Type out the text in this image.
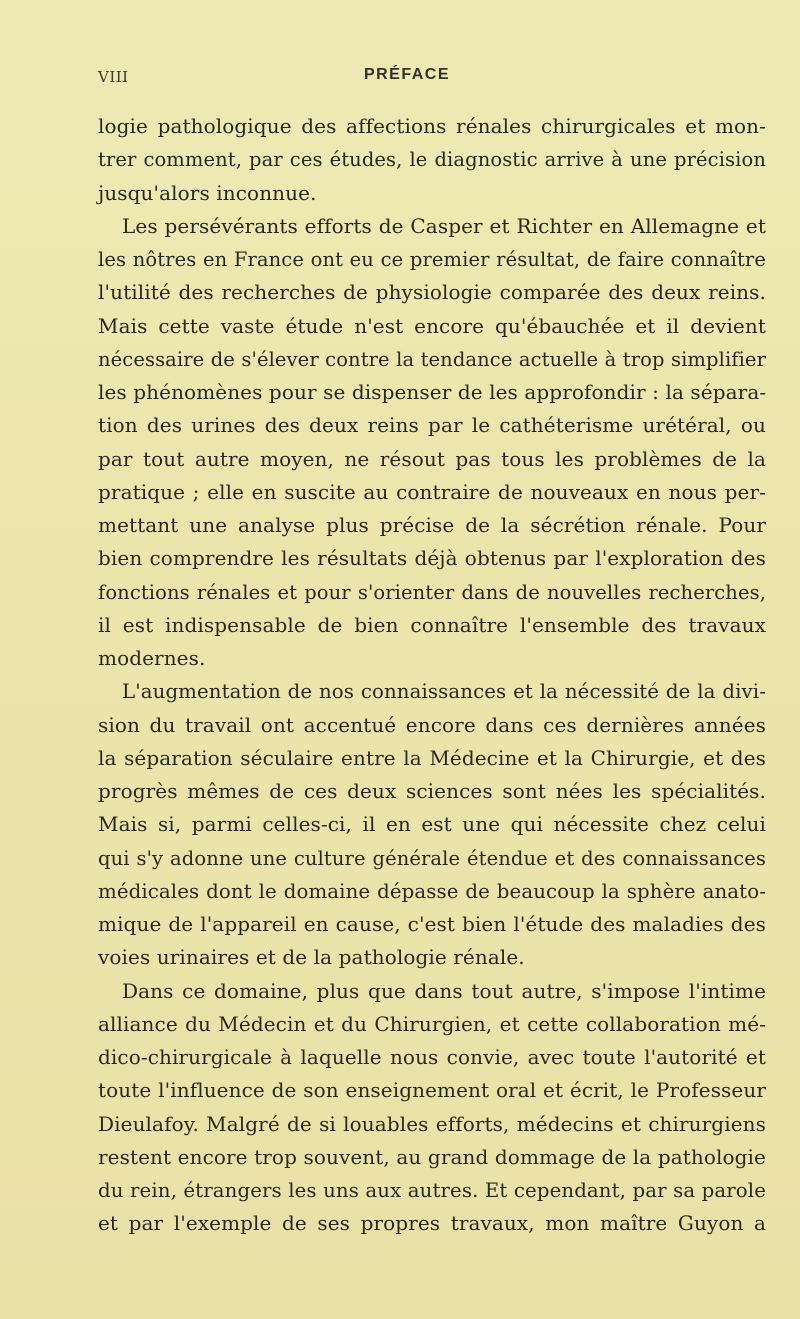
VIII	PRÉFACE
logie pathologique des affections rénales chirurgicales et mon-
trer comment, par ces études, le diagnostic arrive à une précision
jusqu'alors inconnue.
Les persévérants efforts de Casper et Richter en Allemagne et
les nôtres en France ont eu ce premier résultat, de faire connaître
l'utilité des recherches de physiologie comparée des deux reins.
Mais cette vaste étude n'est encore qu'ébauchée et il devient
nécessaire de s'élever contre la tendance actuelle à trop simplifier
les phénomènes pour se dispenser de les approfondir : la sépara-
tion des urines des deux reins par le cathéterisme urétéral, ou
par tout autre moyen, ne résout pas tous les problèmes de la
pratique ; elle en suscite au contraire de nouveaux en nous per-
mettant une analyse plus précise de la sécrétion rénale. Pour
bien comprendre les résultats déjà obtenus par l'exploration des
fonctions rénales et pour s'orienter dans de nouvelles recherches,
il est indispensable de bien connaître l'ensemble des travaux
modernes.
L'augmentation de nos connaissances et la nécessité de la divi-
sion du travail ont accentué encore dans ces dernières années
la séparation séculaire entre la Médecine et la Chirurgie, et des
progrès mêmes de ces deux sciences sont nées les spécialités.
Mais si, parmi celles-ci, il en est une qui nécessite chez celui
qui s'y adonne une culture générale étendue et des connaissances
médicales dont le domaine dépasse de beaucoup la sphère anato-
mique de l'appareil en cause, c'est bien l'étude des maladies des
voies urinaires et de la pathologie rénale.
Dans ce domaine, plus que dans tout autre, s'impose l'intime
alliance du Médecin et du Chirurgien, et cette collaboration mé-
dico-chirurgicale à laquelle nous convie, avec toute l'autorité et
toute l'influence de son enseignement oral et écrit, le Professeur
Dieulafoy. Malgré de si louables efforts, médecins et chirurgiens
restent encore trop souvent, au grand dommage de la pathologie
du rein, étrangers les uns aux autres. Et cependant, par sa parole
et par l'exemple de ses propres travaux, mon maître Guyon a
